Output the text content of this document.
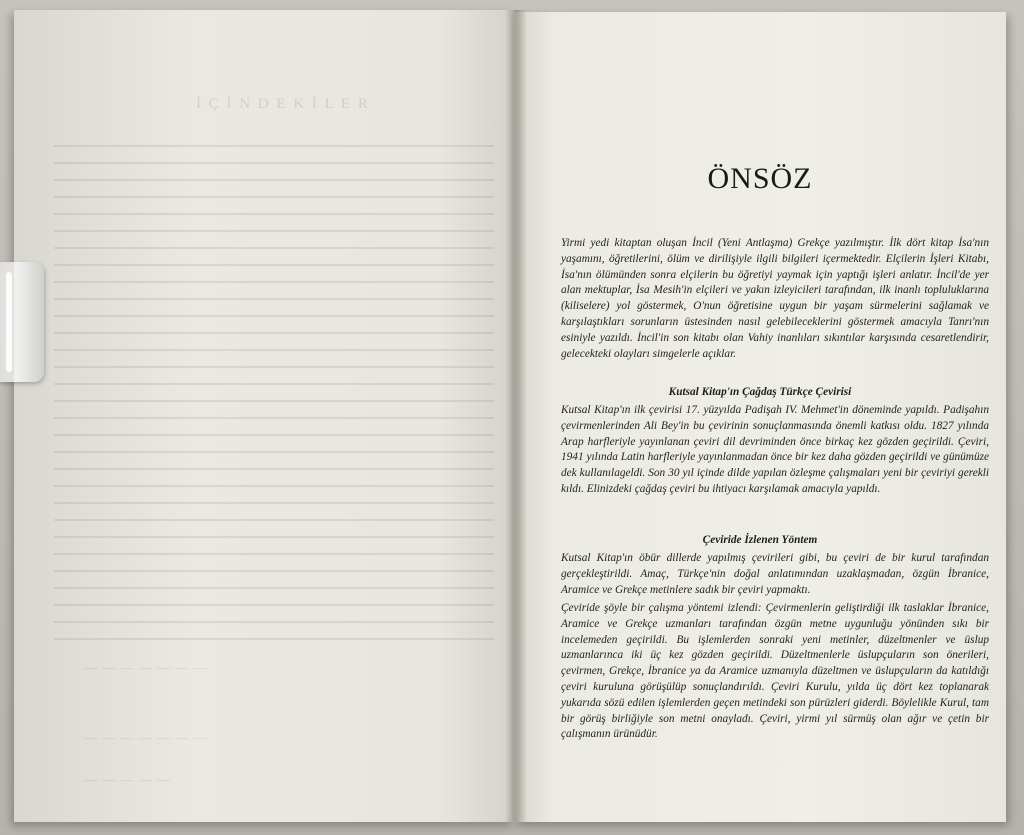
İ Ç İ N D E K İ L E R
— — — — — — —
— — — — — — —
— — — — —
ÖNSÖZ

Yirmi yedi kitaptan oluşan İncil (Yeni Antlaşma) Grekçe yazılmıştır. İlk dört kitap İsa'nın yaşamını, öğretilerini, ölüm ve dirilişiyle ilgili bilgileri içermektedir. Elçilerin İşleri Kitabı, İsa'nın ölümünden sonra elçilerin bu öğretiyi yaymak için yaptığı işleri anlatır. İncil'de yer alan mektuplar, İsa Mesih'in elçileri ve yakın izleyicileri tarafından, ilk inanlı topluluklarına (kiliselere) yol göstermek, O'nun öğretisine uygun bir yaşam sürmelerini sağlamak ve karşılaştıkları sorunların üstesinden nasıl gelebileceklerini göstermek amacıyla Tanrı'nın esiniyle yazıldı. İncil'in son kitabı olan Vahiy inanlıları sıkıntılar karşısında cesaretlendirir, gelecekteki olayları simgelerle açıklar.

Kutsal Kitap'ın Çağdaş Türkçe Çevirisi

Kutsal Kitap'ın ilk çevirisi 17. yüzyılda Padişah IV. Mehmet'in döneminde yapıldı. Padişahın çevirmenlerinden Ali Bey'in bu çevirinin sonuçlanmasında önemli katkısı oldu. 1827 yılında Arap harfleriyle yayınlanan çeviri dil devriminden önce birkaç kez gözden geçirildi. Çeviri, 1941 yılında Latin harfleriyle yayınlanmadan önce bir kez daha gözden geçirildi ve günümüze dek kullanılageldi. Son 30 yıl içinde dilde yapılan özleşme çalışmaları yeni bir çeviriyi gerekli kıldı. Elinizdeki çağdaş çeviri bu ihtiyacı karşılamak amacıyla yapıldı.

Çeviride İzlenen Yöntem

Kutsal Kitap'ın öbür dillerde yapılmış çevirileri gibi, bu çeviri de bir kurul tarafından gerçekleştirildi. Amaç, Türkçe'nin doğal anlatımından uzaklaşmadan, özgün İbranice, Aramice ve Grekçe metinlere sadık bir çeviri yapmaktı.

Çeviride şöyle bir çalışma yöntemi izlendi: Çevirmenlerin geliştirdiği ilk taslaklar İbranice, Aramice ve Grekçe uzmanları tarafından özgün metne uygunluğu yönünden sıkı bir incelemeden geçirildi. Bu işlemlerden sonraki yeni metinler, düzeltmenler ve üslup uzmanlarınca iki üç kez gözden geçirildi. Düzeltmenlerle üslupçuların son önerileri, çevirmen, Grekçe, İbranice ya da Aramice uzmanıyla düzeltmen ve üslupçuların da katıldığı çeviri kuruluna görüşülüp sonuçlandırıldı. Çeviri Kurulu, yılda üç dört kez toplanarak yukarıda sözü edilen işlemlerden geçen metindeki son pürüzleri giderdi. Böylelikle Kurul, tam bir görüş birliğiyle son metni onayladı. Çeviri, yirmi yıl sürmüş olan ağır ve çetin bir çalışmanın ürünüdür.
